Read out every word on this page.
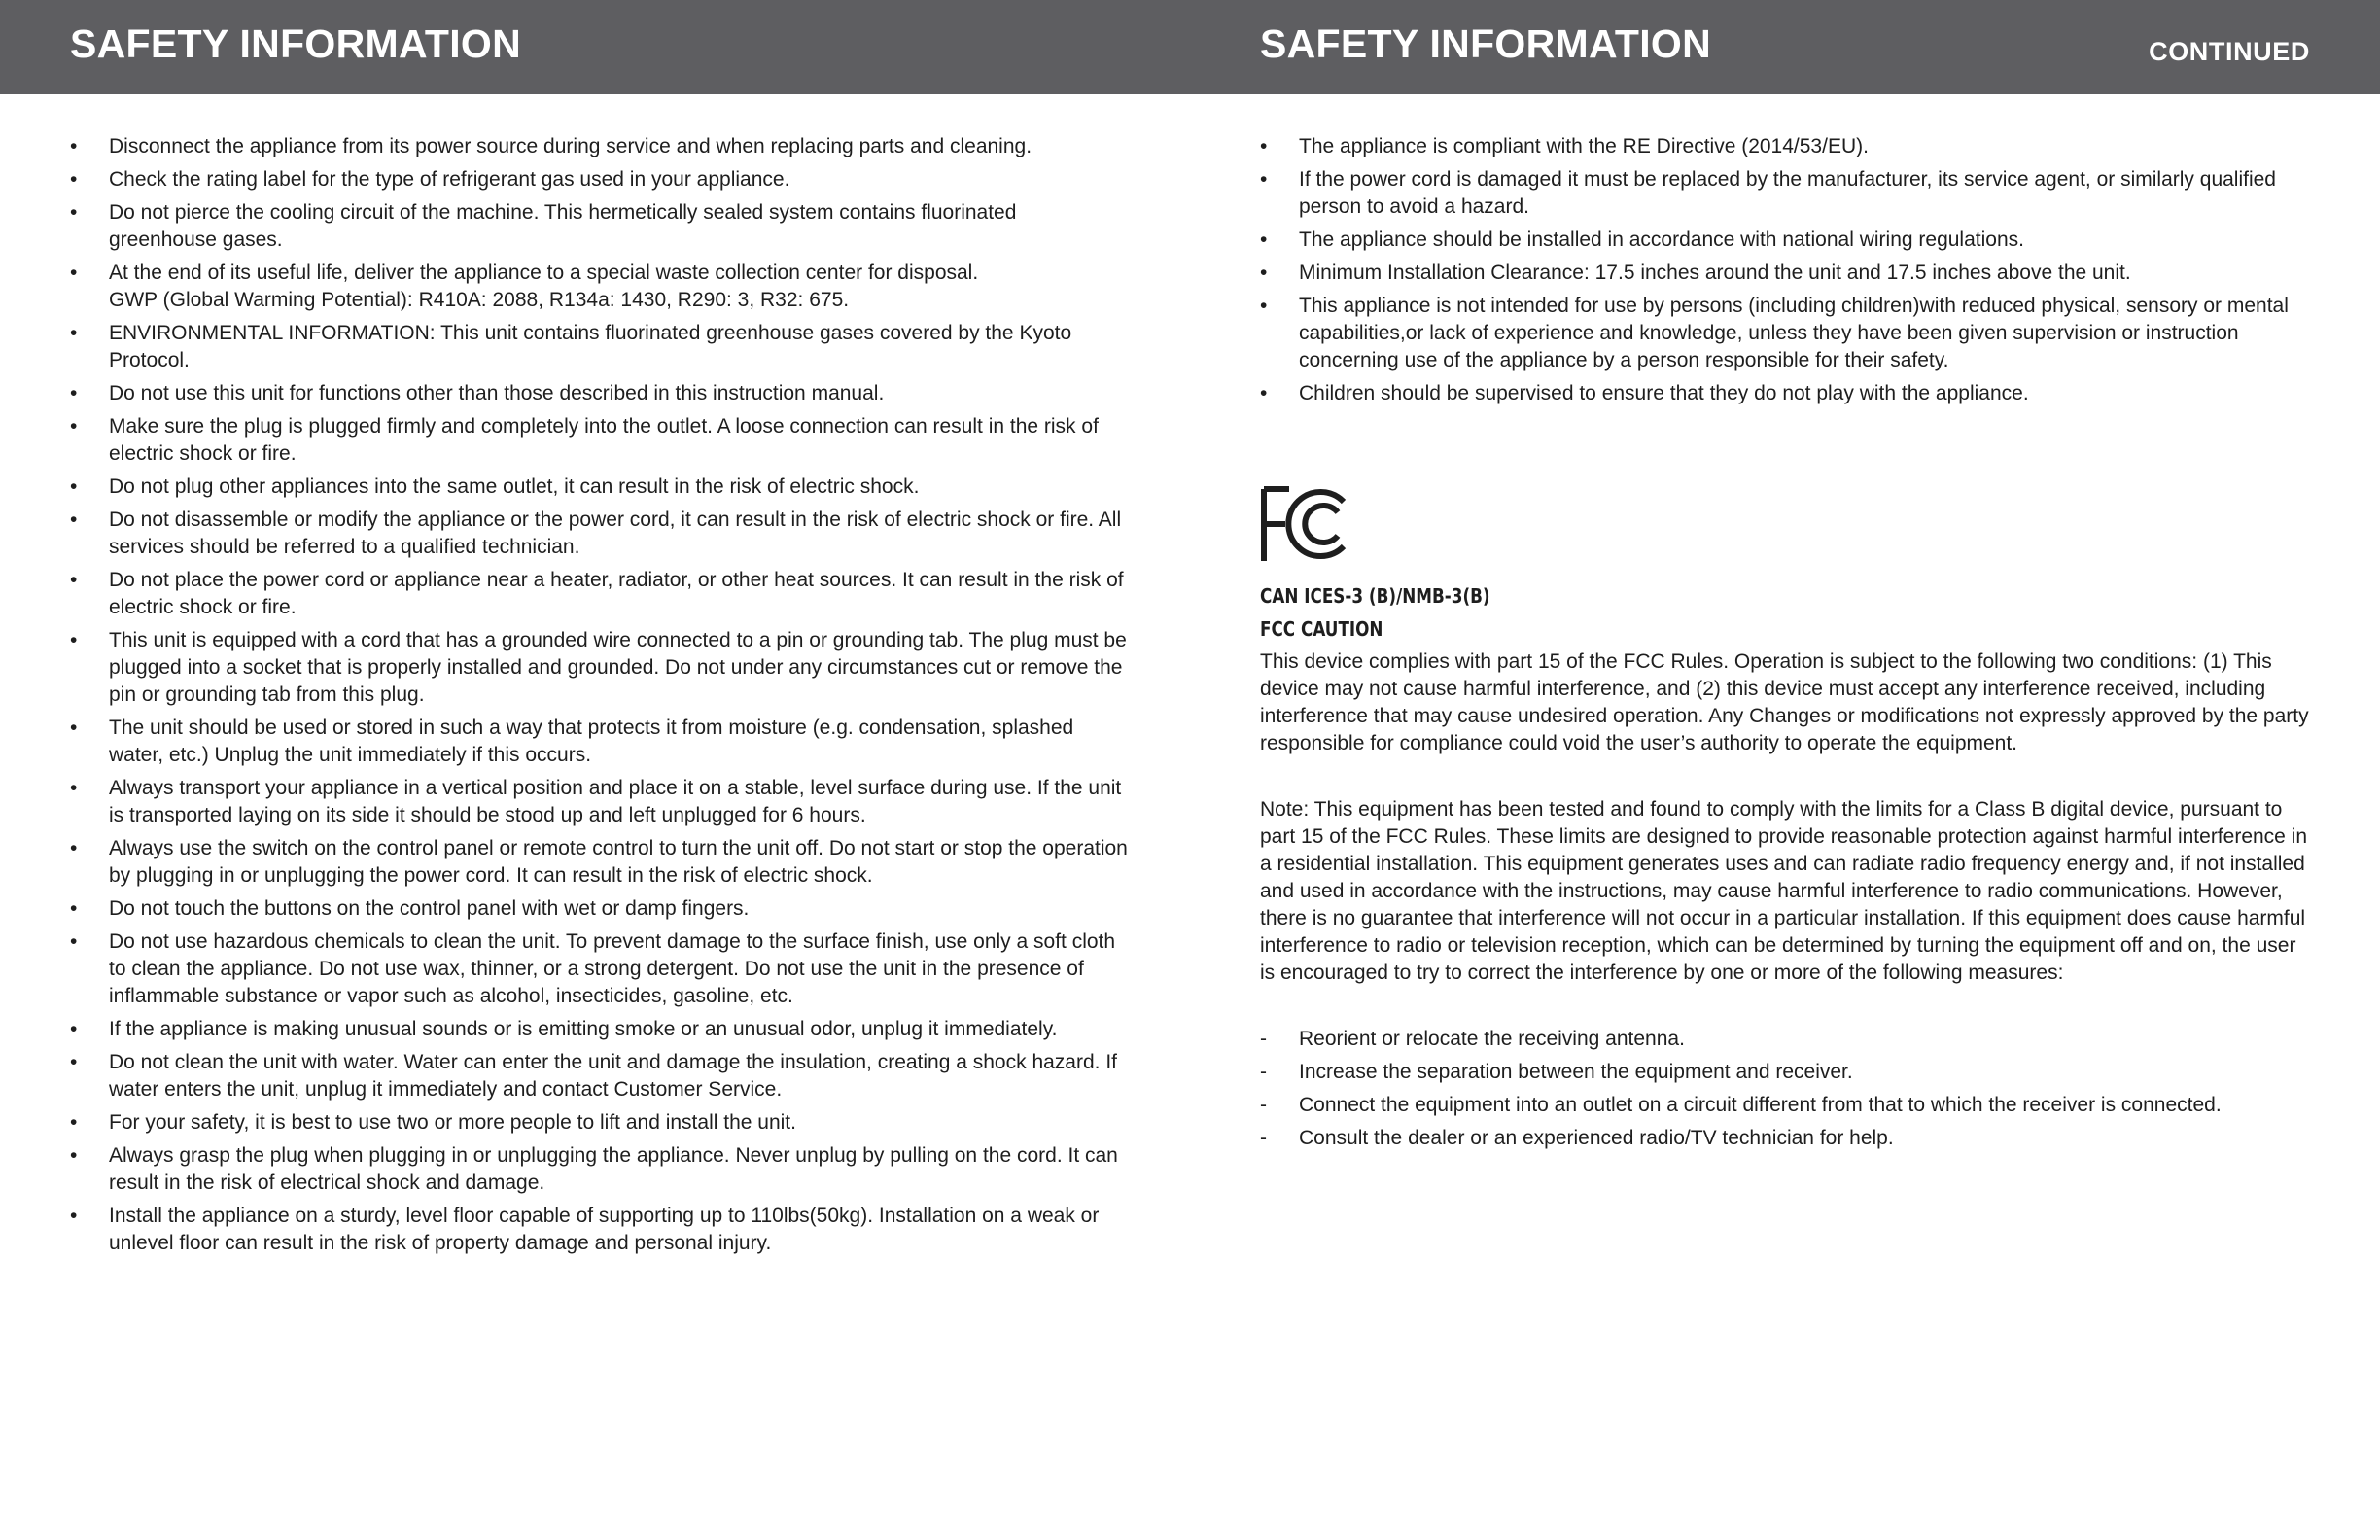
SAFETY INFORMATION	SAFETY INFORMATION	CONTINUED
• Disconnect the appliance from its power source during service and when replacing parts and cleaning.
• Check the rating label for the type of refrigerant gas used in your appliance.
• Do not pierce the cooling circuit of the machine. This hermetically sealed system contains fluorinated greenhouse gases.
• At the end of its useful life, deliver the appliance to a special waste collection center for disposal.
GWP (Global Warming Potential): R410A: 2088, R134a: 1430, R290: 3, R32: 675.
• ENVIRONMENTAL INFORMATION: This unit contains fluorinated greenhouse gases covered by the Kyoto Protocol.
• Do not use this unit for functions other than those described in this instruction manual.
• Make sure the plug is plugged firmly and completely into the outlet. A loose connection can result in the risk of electric shock or fire.
• Do not plug other appliances into the same outlet, it can result in the risk of electric shock.
• Do not disassemble or modify the appliance or the power cord, it can result in the risk of electric shock or fire. All services should be referred to a qualified technician.
• Do not place the power cord or appliance near a heater, radiator, or other heat sources. It can result in the risk of electric shock or fire.
• This unit is equipped with a cord that has a grounded wire connected to a pin or grounding tab. The plug must be plugged into a socket that is properly installed and grounded. Do not under any circumstances cut or remove the pin or grounding tab from this plug.
• The unit should be used or stored in such a way that protects it from moisture (e.g. condensation, splashed water, etc.) Unplug the unit immediately if this occurs.
• Always transport your appliance in a vertical position and place it on a stable, level surface during use. If the unit is transported laying on its side it should be stood up and left unplugged for 6 hours.
• Always use the switch on the control panel or remote control to turn the unit off. Do not start or stop the operation by plugging in or unplugging the power cord. It can result in the risk of electric shock.
• Do not touch the buttons on the control panel with wet or damp fingers.
• Do not use hazardous chemicals to clean the unit. To prevent damage to the surface finish, use only a soft cloth to clean the appliance. Do not use wax, thinner, or a strong detergent. Do not use the unit in the presence of inflammable substance or vapor such as alcohol, insecticides, gasoline, etc.
• If the appliance is making unusual sounds or is emitting smoke or an unusual odor, unplug it immediately.
• Do not clean the unit with water. Water can enter the unit and damage the insulation, creating a shock hazard. If water enters the unit, unplug it immediately and contact Customer Service.
• For your safety, it is best to use two or more people to lift and install the unit.
• Always grasp the plug when plugging in or unplugging the appliance. Never unplug by pulling on the cord. It can result in the risk of electrical shock and damage.
• Install the appliance on a sturdy, level floor capable of supporting up to 110lbs(50kg). Installation on a weak or unlevel floor can result in the risk of property damage and personal injury.
• The appliance is compliant with the RE Directive (2014/53/EU).
• If the power cord is damaged it must be replaced by the manufacturer, its service agent, or similarly qualified person to avoid a hazard.
• The appliance should be installed in accordance with national wiring regulations.
• Minimum Installation Clearance: 17.5 inches around the unit and 17.5 inches above the unit.
• This appliance is not intended for use by persons (including children)with reduced physical, sensory or mental capabilities,or lack of experience and knowledge, unless they have been given supervision or instruction concerning use of the appliance by a person responsible for their safety.
• Children should be supervised to ensure that they do not play with the appliance.
CAN ICES-3 (B)/NMB-3(B)
FCC CAUTION

This device complies with part 15 of the FCC Rules. Operation is subject to the following two conditions: (1) This device may not cause harmful interference, and (2) this device must accept any interference received, including interference that may cause undesired operation. Any Changes or modifications not expressly approved by the party responsible for compliance could void the user’s authority to operate the equipment.

Note: This equipment has been tested and found to comply with the limits for a Class B digital device, pursuant to part 15 of the FCC Rules. These limits are designed to provide reasonable protection against harmful interference in a residential installation. This equipment generates uses and can radiate radio frequency energy and, if not installed and used in accordance with the instructions, may cause harmful interference to radio communications. However, there is no guarantee that interference will not occur in a particular installation. If this equipment does cause harmful interference to radio or television reception, which can be determined by turning the equipment off and on, the user is encouraged to try to correct the interference by one or more of the following measures:

- Reorient or relocate the receiving antenna.
- Increase the separation between the equipment and receiver.
- Connect the equipment into an outlet on a circuit different from that to which the receiver is connected.
- Consult the dealer or an experienced radio/TV technician for help.
